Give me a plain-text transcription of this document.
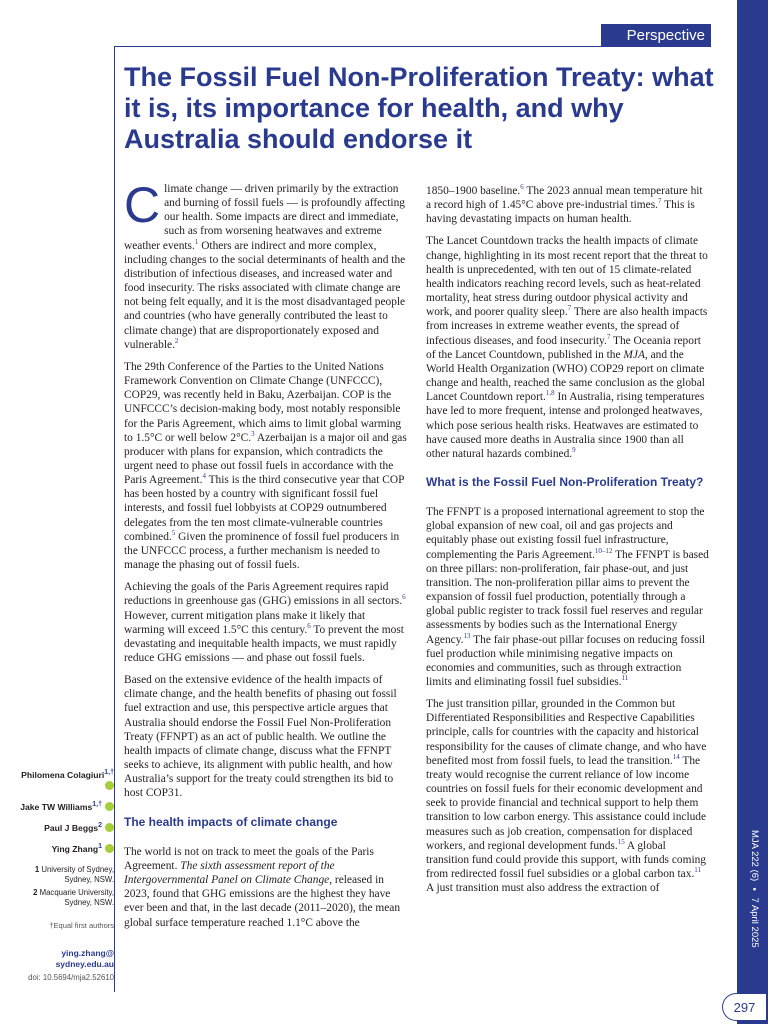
MJA 222 (6) ▪ 7 April 2025
297
Perspective
The Fossil Fuel Non-Proliferation Treaty: what it is, its importance for health, and why Australia should endorse it

Climate change — driven primarily by the extraction and burning of fossil fuels — is profoundly affecting our health. Some impacts are direct and immediate, such as from worsening heatwaves and extreme weather events.$^1$ Others are indirect and more complex, including changes to the social determinants of health and the distribution of infectious diseases, and increased water and food insecurity. The risks associated with climate change are not being felt equally, and it is the most disadvantaged people and countries (who have generally contributed the least to climate change) that are disproportionately exposed and vulnerable.$^2$

The 29th Conference of the Parties to the United Nations Framework Convention on Climate Change (UNFCCC), COP29, was recently held in Baku, Azerbaijan. COP is the UNFCCC’s decision-making body, most notably responsible for the Paris Agreement, which aims to limit global warming to 1.5°C or well below 2°C.$^3$ Azerbaijan is a major oil and gas producer with plans for expansion, which contradicts the urgent need to phase out fossil fuels in accordance with the Paris Agreement.$^4$ This is the third consecutive year that COP has been hosted by a country with significant fossil fuel interests, and fossil fuel lobbyists at COP29 outnumbered delegates from the ten most climate-vulnerable countries combined.$^5$ Given the prominence of fossil fuel producers in the UNFCCC process, a further mechanism is needed to manage the phasing out of fossil fuels.

Achieving the goals of the Paris Agreement requires rapid reductions in greenhouse gas (GHG) emissions in all sectors.$^6$ However, current mitigation plans make it likely that warming will exceed 1.5°C this century.$^6$ To prevent the most devastating and inequitable health impacts, we must rapidly reduce GHG emissions — and phase out fossil fuels.

Based on the extensive evidence of the health impacts of climate change, and the health benefits of phasing out fossil fuel extraction and use, this perspective article argues that Australia should endorse the Fossil Fuel Non-Proliferation Treaty (FFNPT) as an act of public health. We outline the health impacts of climate change, discuss what the FFNPT seeks to achieve, its alignment with public health, and how Australia’s support for the treaty could strengthen its bid to host COP31.

The health impacts of climate change

The world is not on track to meet the goals of the Paris Agreement. The sixth assessment report of the Intergovernmental Panel on Climate Change, released in 2023, found that GHG emissions are the highest they have ever been and that, in the last decade (2011–2020), the mean global surface temperature reached 1.1°C above the

1850–1900 baseline.$^6$ The 2023 annual mean temperature hit a record high of 1.45°C above pre-industrial times.$^7$ This is having devastating impacts on human health.

The Lancet Countdown tracks the health impacts of climate change, highlighting in its most recent report that the threat to health is unprecedented, with ten out of 15 climate-related health indicators reaching record levels, such as heat-related mortality, heat stress during outdoor physical activity and work, and poorer quality sleep.$^7$ There are also health impacts from increases in extreme weather events, the spread of infectious diseases, and food insecurity.$^7$ The Oceania report of the Lancet Countdown, published in the MJA, and the World Health Organization (WHO) COP29 report on climate change and health, reached the same conclusion as the global Lancet Countdown report.$^{1,8}$ In Australia, rising temperatures have led to more frequent, intense and prolonged heatwaves, which pose serious health risks. Heatwaves are estimated to have caused more deaths in Australia since 1900 than all other natural hazards combined.$^9$

What is the Fossil Fuel Non-Proliferation Treaty?

The FFNPT is a proposed international agreement to stop the global expansion of new coal, oil and gas projects and equitably phase out existing fossil fuel infrastructure, complementing the Paris Agreement.$^{10-12}$ The FFNPT is based on three pillars: non-proliferation, fair phase-out, and just transition. The non-proliferation pillar aims to prevent the expansion of fossil fuel production, potentially through a global public register to track fossil fuel reserves and regular assessments by bodies such as the International Energy Agency.$^{13}$ The fair phase-out pillar focuses on reducing fossil fuel production while minimising negative impacts on economies and communities, such as through extraction limits and eliminating fossil fuel subsidies.$^{11}$

The just transition pillar, grounded in the Common but Differentiated Responsibilities and Respective Capabilities principle, calls for countries with the capacity and historical responsibility for the causes of climate change, and who have benefited most from fossil fuels, to lead the transition.$^{14}$ The treaty would recognise the current reliance of low income countries on fossil fuels for their economic development and seek to provide financial and technical support to help them transition to low carbon energy. This assistance could include measures such as job creation, compensation for displaced workers, and regional development funds.$^{15}$ A global transition fund could provide this support, with funds coming from redirected fossil fuel subsidies or a global carbon tax.$^{11}$ A just transition must also address the extraction of

Philomena Colagiuri$^{1,\dagger}$
Jake TW Williams$^{1,\dagger}$
Paul J Beggs$^2$
Ying Zhang$^1$
1 University of Sydney, Sydney, NSW.
2 Macquarie University, Sydney, NSW.
†Equal first authors
ying.zhang@ sydney.edu.au
doi: 10.5694/mja2.52610
